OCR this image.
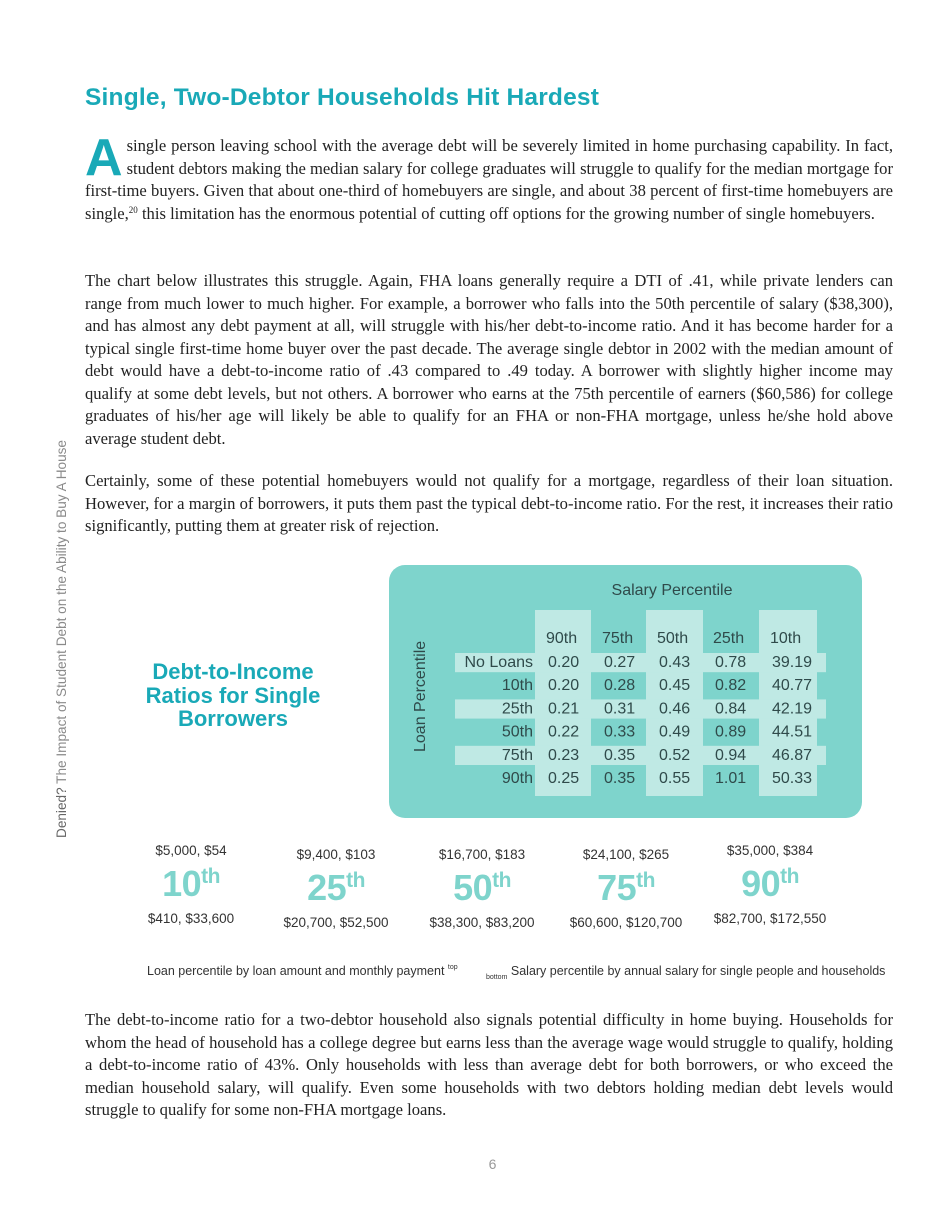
Single, Two-Debtor Households Hit Hardest

Asingle person leaving school with the average debt will be severely limited in home purchasing capability. In fact, student debtors making the median salary for college graduates will struggle to qualify for the median mortgage for first-time buyers. Given that about one-third of homebuyers are single, and about 38 percent of first-time homebuyers are single,$^{20}$ this limitation has the enormous potential of cutting off options for the growing number of single homebuyers.

The chart below illustrates this struggle. Again, FHA loans generally require a DTI of .41, while private lenders can range from much lower to much higher. For example, a borrower who falls into the 50th percentile of salary ($38,300), and has almost any debt payment at all, will struggle with his/her debt-to-income ratio. And it has become harder for a typical single first-time home buyer over the past decade. The average single debtor in 2002 with the median amount of debt would have a debt-to-income ratio of .43 compared to .49 today. A borrower with slightly higher income may qualify at some debt levels, but not others. A borrower who earns at the 75th percentile of earners ($60,586) for college graduates of his/her age will likely be able to qualify for an FHA or non-FHA mortgage, unless he/she hold above average student debt.

Certainly, some of these potential homebuyers would not qualify for a mortgage, regardless of their loan situation. However, for a margin of borrowers, it puts them past the typical debt-to-income ratio. For the rest, it increases their ratio significantly, putting them at greater risk of rejection.

Denied? The Impact of Student Debt on the Ability to Buy A House	Debt-to-Income Ratios for Single Borrowers
90th 75th 50th 25th 10th
No Loans 0.20 0.27 0.43 0.78 39.19
10th 0.20 0.28 0.45 0.82 40.77
25th 0.21 0.31 0.46 0.84 42.19
50th 0.22 0.33 0.49 0.89 44.51
75th 0.23 0.35 0.52 0.94 46.87
90th 0.25 0.35 0.55 1.01 50.33
Salary Percentile
Loan Percentile
$5,000, $54
10th
$410, $33,600
$9,400, $103
25th
$20,700, $52,500
$16,700, $183
50th
$38,300, $83,200
$24,100, $265
75th
$60,600, $120,700
$35,000, $384
90th
$82,700, $172,550
Loan percentile by loan amount and monthly payment $^{top}$
$_{bottom}$ Salary percentile by annual salary for single people and households

The debt-to-income ratio for a two-debtor household also signals potential difficulty in home buying. Households for whom the head of household has a college degree but earns less than the average wage would struggle to qualify, holding a debt-to-income ratio of 43%. Only households with less than average debt for both borrowers, or who exceed the median household salary, will qualify. Even some households with two debtors holding median debt levels would struggle to qualify for some non-FHA mortgage loans.

6
